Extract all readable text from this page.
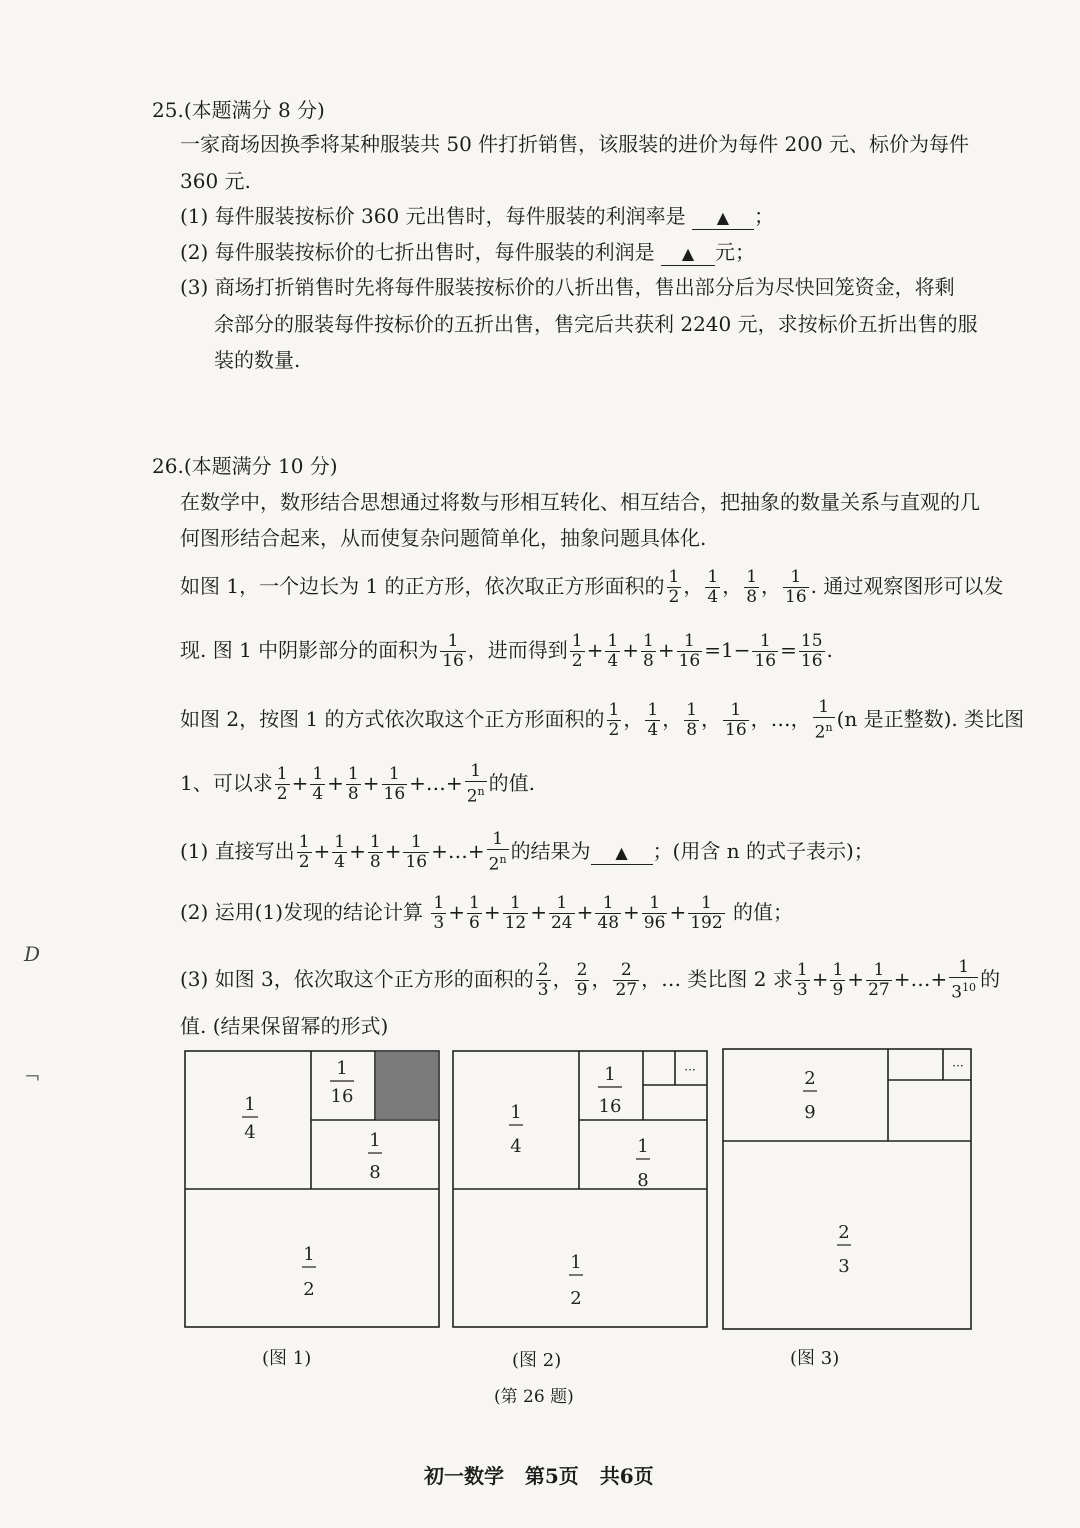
D
¬
25.(本题满分 8 分)
一家商场因换季将某种服装共 50 件打折销售，该服装的进价为每件 200 元、标价为每件
360 元.
(1) 每件服装按标价 360 元出售时，每件服装的利润率是 ▲ ；
(2) 每件服装按标价的七折出售时，每件服装的利润是 ▲ 元；
(3) 商场打折销售时先将每件服装按标价的八折出售，售出部分后为尽快回笼资金，将剩
余部分的服装每件按标价的五折出售，售完后共获利 2240 元，求按标价五折出售的服
装的数量.
26.(本题满分 10 分)
在数学中，数形结合思想通过将数与形相互转化、相互结合，把抽象的数量关系与直观的几
何图形结合起来，从而使复杂问题简单化，抽象问题具体化.
如图 1，一个边长为 1 的正方形，依次取正方形面积的 $\frac{1}{2}$ ， $\frac{1}{4}$ ， $\frac{1}{8}$ ， $\frac{1}{16}$ . 通过观察图形可以发
现. 图 1 中阴影部分的面积为 $\frac{1}{16}$ ，进而得到 $\frac{1}{2} + \frac{1}{4} + \frac{1}{8} + \frac{1}{16} =1- \frac{1}{16} = \frac{15}{16}$ .
如图 2，按图 1 的方式依次取这个正方形面积的 $\frac{1}{2}$ ， $\frac{1}{4}$ ， $\frac{1}{8}$ ， $\frac{1}{16}$ ，…， $\frac{1}{2^n} (n$ 是正整数). 类比图
1、可以求 $\frac{1}{2} + \frac{1}{4} + \frac{1}{8} + \frac{1}{16}$ +…+ $\frac{1}{2^n}$ 的值.
(1) 直接写出 $\frac{1}{2} + \frac{1}{4} + \frac{1}{8} + \frac{1}{16}$ +…+ $\frac{1}{2^n}$ 的结果为 ▲ ；(用含 n 的式子表示)；
(2) 运用(1)发现的结论计算 $\frac{1}{3} + \frac{1}{6} + \frac{1}{12} + \frac{1}{24} + \frac{1}{48} + \frac{1}{96} + \frac{1}{192}$ 的值；
(3) 如图 3，依次取这个正方形的面积的 $\frac{2}{3}$ ， $\frac{2}{9}$ ， $\frac{2}{27}$ ，… 类比图 2 求 $\frac{1}{3} + \frac{1}{9} + \frac{1}{27}$ +…+ $\frac{1}{3^{10}}$ 的
值. (结果保留幂的形式)
1
4
1
16
1
8
1
2
(图 1)
···
1
4
1
16
1
8
1
2
(图 2)
···
2
9
2
3
(图 3)
(第 26 题)
初一数学 第5页 共6页
